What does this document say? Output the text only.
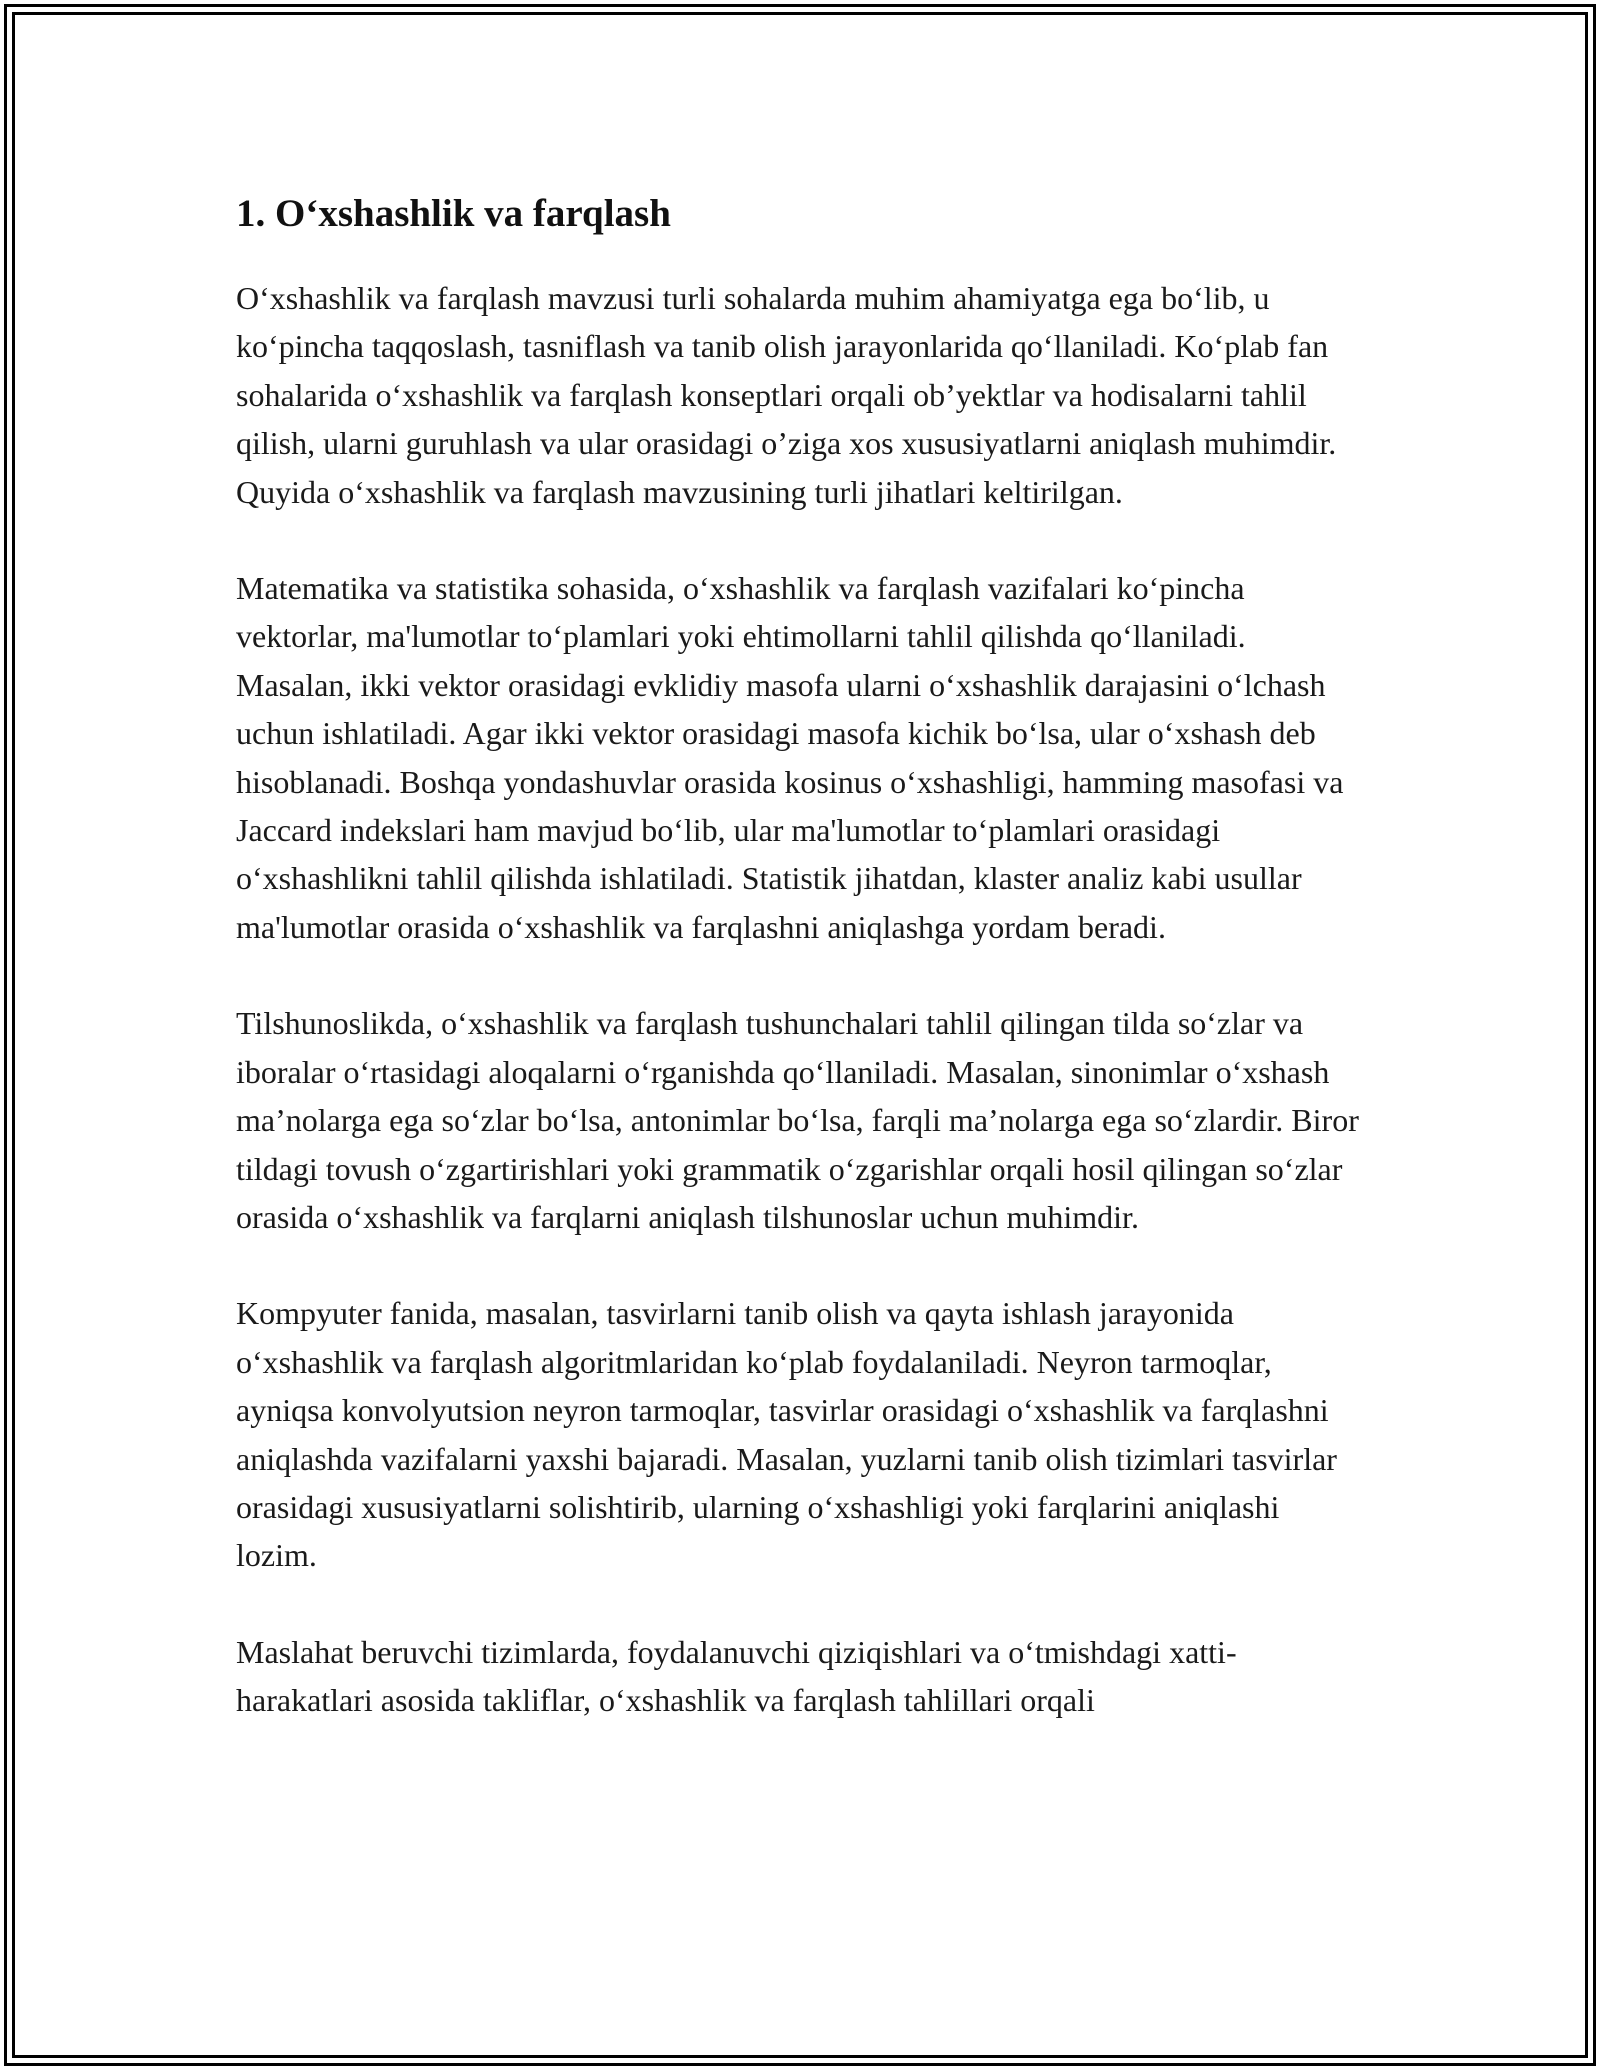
1. O‘xshashlik va farqlash

O‘xshashlik va farqlash mavzusi turli sohalarda muhim ahamiyatga ega bo‘lib, u ko‘pincha taqqoslash, tasniflash va tanib olish jarayonlarida qo‘llaniladi. Ko‘plab fan sohalarida o‘xshashlik va farqlash konseptlari orqali ob’yektlar va hodisalarni tahlil qilish, ularni guruhlash va ular orasidagi o’ziga xos xususiyatlarni aniqlash muhimdir. Quyida o‘xshashlik va farqlash mavzusining turli jihatlari keltirilgan.

Matematika va statistika sohasida, o‘xshashlik va farqlash vazifalari ko‘pincha vektorlar, ma'lumotlar to‘plamlari yoki ehtimollarni tahlil qilishda qo‘llaniladi. Masalan, ikki vektor orasidagi evklidiy masofa ularni o‘xshashlik darajasini o‘lchash uchun ishlatiladi. Agar ikki vektor orasidagi masofa kichik bo‘lsa, ular o‘xshash deb hisoblanadi. Boshqa yondashuvlar orasida kosinus o‘xshashligi, hamming masofasi va Jaccard indekslari ham mavjud bo‘lib, ular ma'lumotlar to‘plamlari orasidagi o‘xshashlikni tahlil qilishda ishlatiladi. Statistik jihatdan, klaster analiz kabi usullar ma'lumotlar orasida o‘xshashlik va farqlashni aniqlashga yordam beradi.

Tilshunoslikda, o‘xshashlik va farqlash tushunchalari tahlil qilingan tilda so‘zlar va iboralar o‘rtasidagi aloqalarni o‘rganishda qo‘llaniladi. Masalan, sinonimlar o‘xshash ma’nolarga ega so‘zlar bo‘lsa, antonimlar bo‘lsa, farqli ma’nolarga ega so‘zlardir. Biror tildagi tovush o‘zgartirishlari yoki grammatik o‘zgarishlar orqali hosil qilingan so‘zlar orasida o‘xshashlik va farqlarni aniqlash tilshunoslar uchun muhimdir.

Kompyuter fanida, masalan, tasvirlarni tanib olish va qayta ishlash jarayonida o‘xshashlik va farqlash algoritmlaridan ko‘plab foydalaniladi. Neyron tarmoqlar, ayniqsa konvolyutsion neyron tarmoqlar, tasvirlar orasidagi o‘xshashlik va farqlashni aniqlashda vazifalarni yaxshi bajaradi. Masalan, yuzlarni tanib olish tizimlari tasvirlar orasidagi xususiyatlarni solishtirib, ularning o‘xshashligi yoki farqlarini aniqlashi lozim.

Maslahat beruvchi tizimlarda, foydalanuvchi qiziqishlari va o‘tmishdagi xatti-harakatlari asosida takliflar, o‘xshashlik va farqlash tahlillari orqali
